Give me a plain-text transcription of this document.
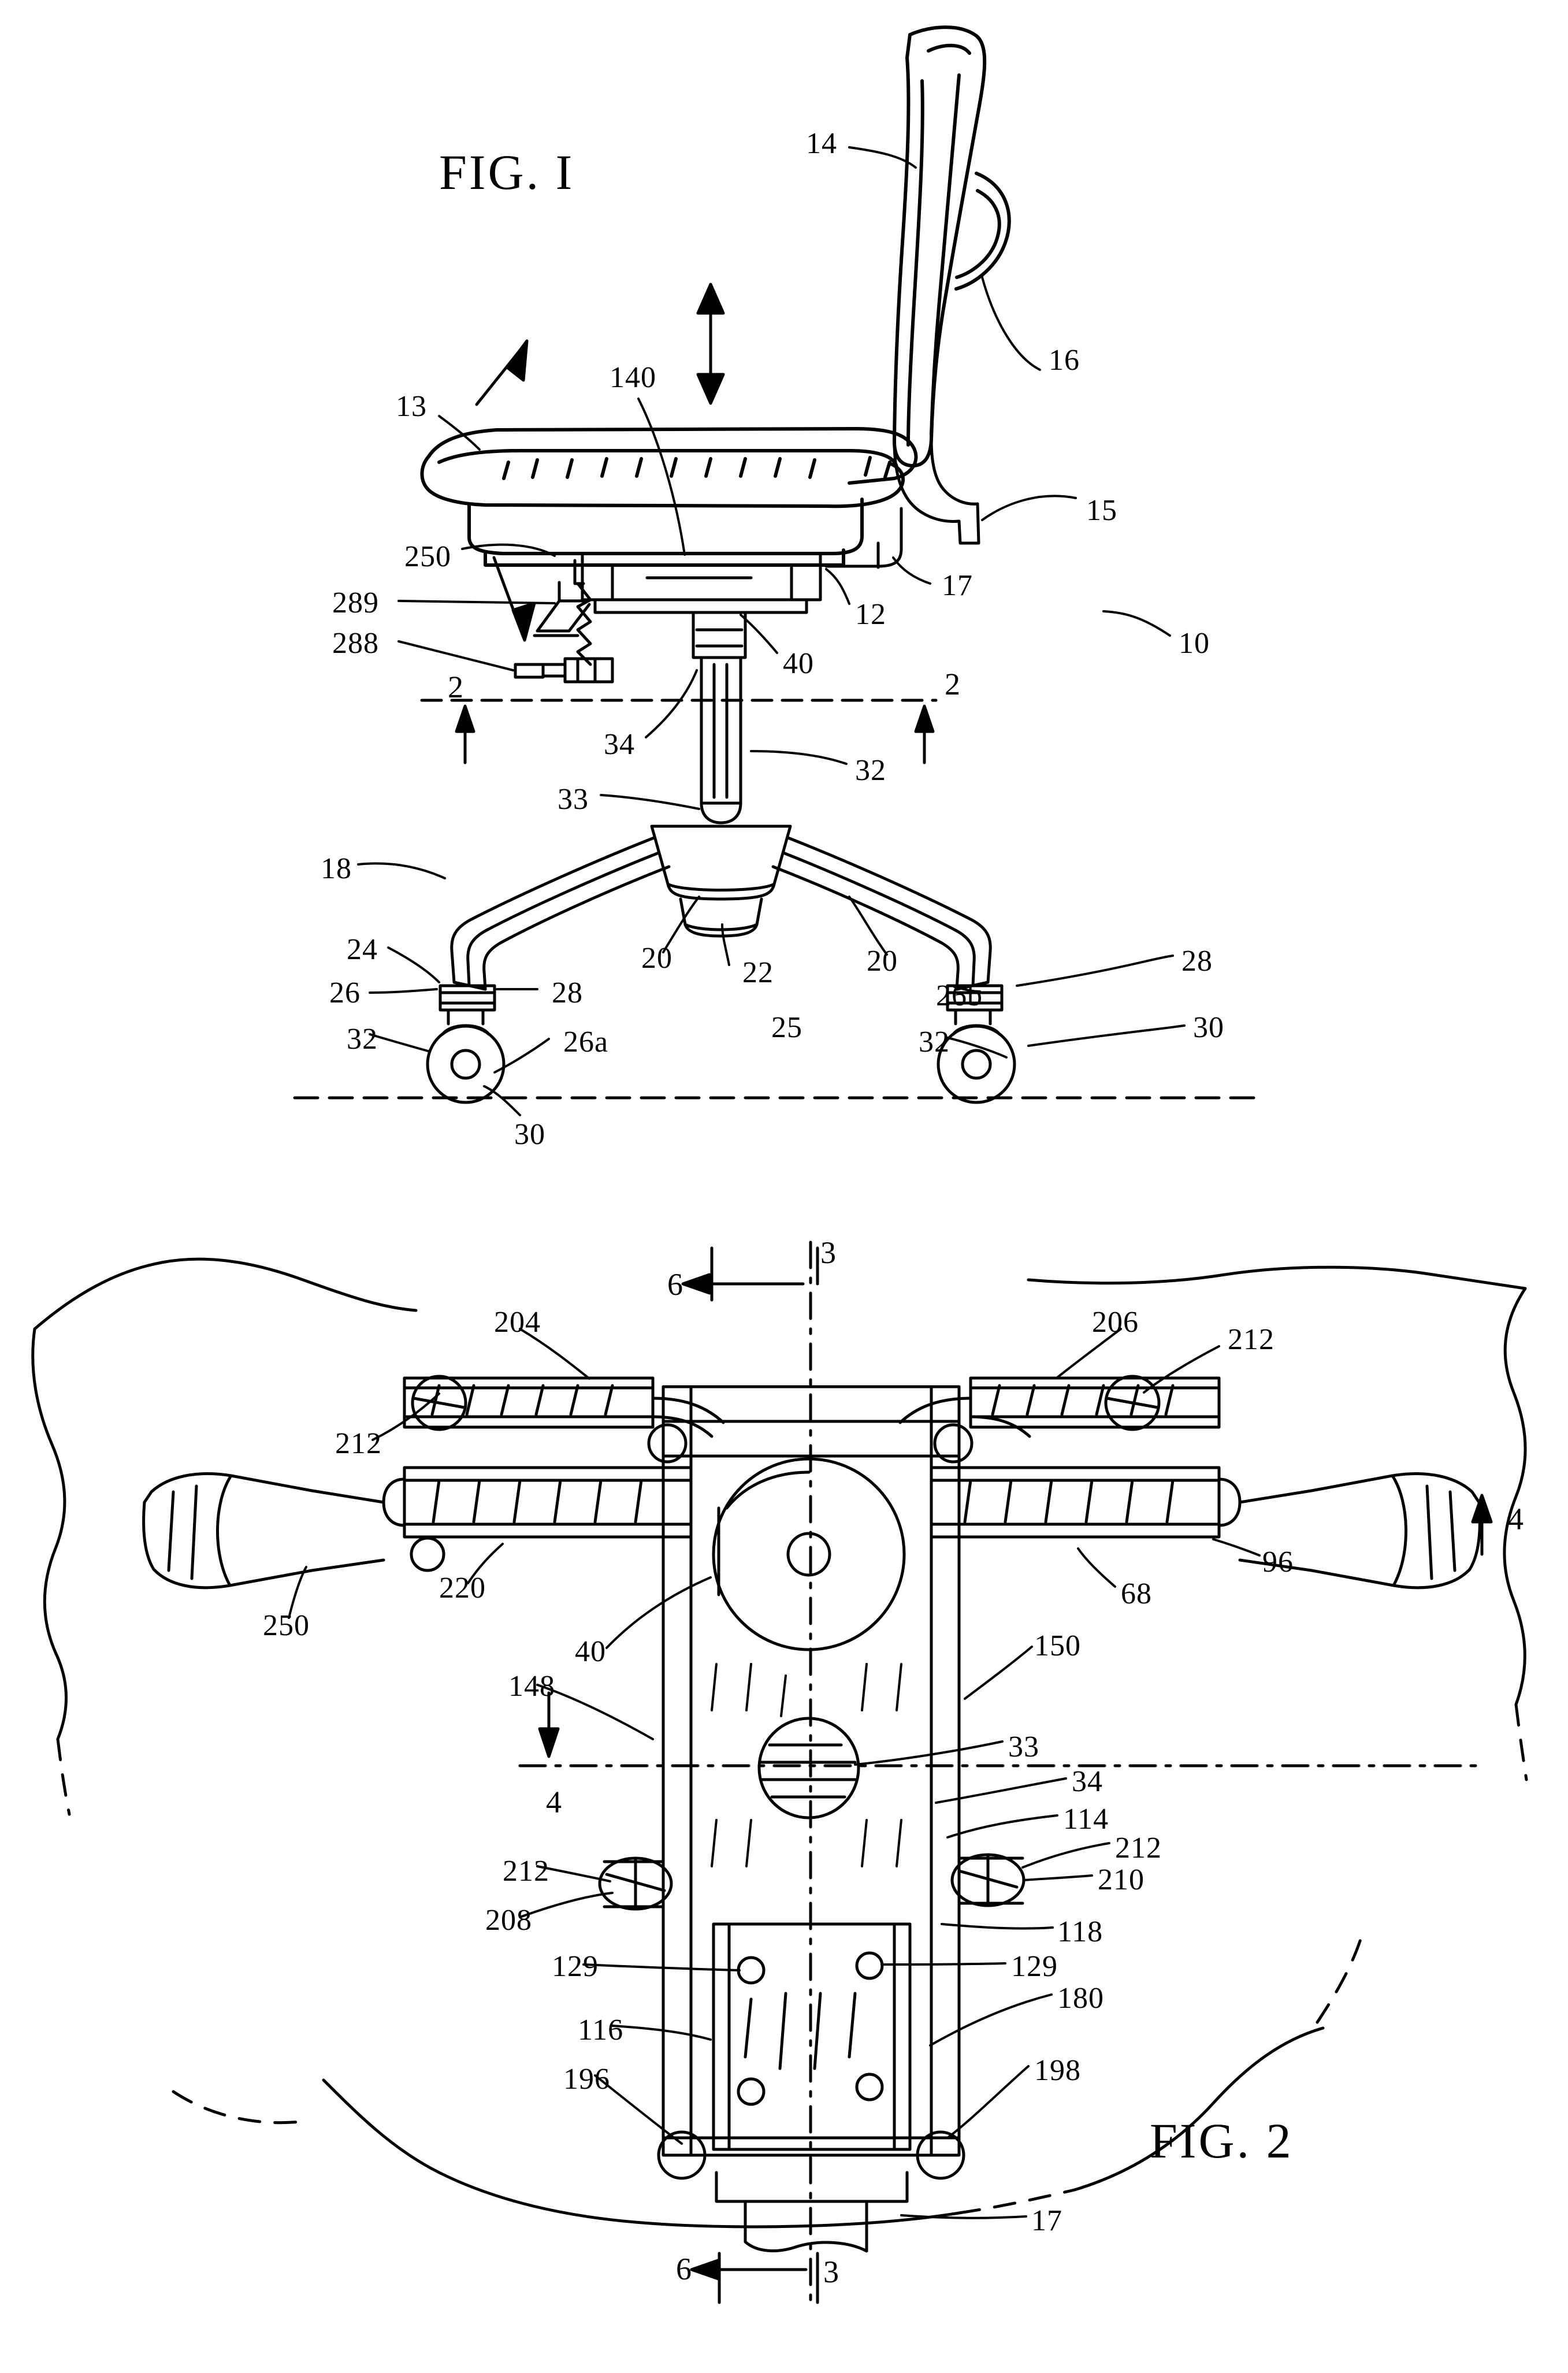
FIG. I
FIG. 2
14
16
13
140
15
250
289
288
12
17
10
40
2	2
34
32
33
18
24	20	20	28
26	28	26b
22
26a	25	30
32	32
30
3
6
204	206
212
212
4
96
250
220	68
40	150
148
33
34
114
4
212
212	210
118
208
129	129
180
116
196	198
17
6	3
